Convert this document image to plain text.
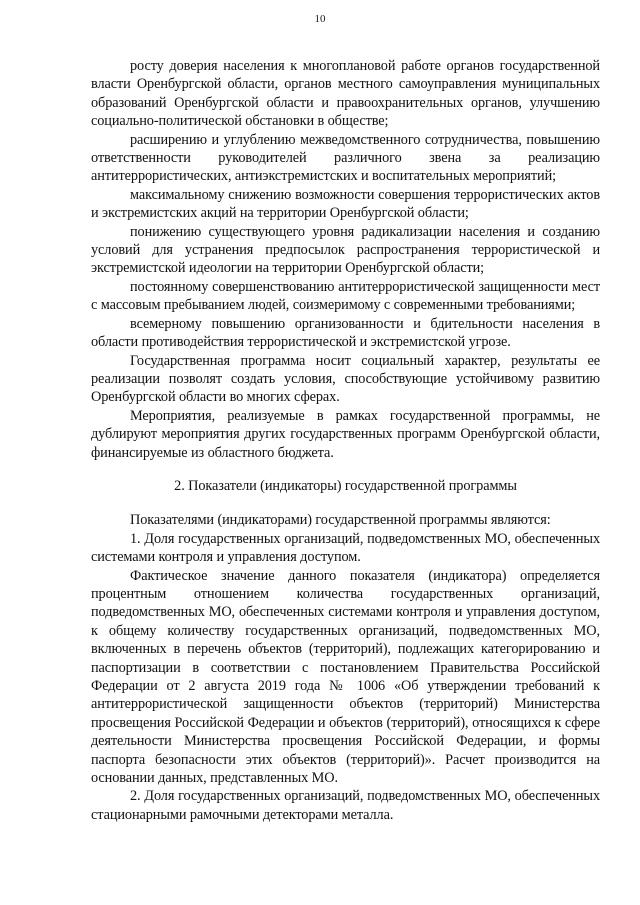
10

росту доверия населения к многоплановой работе органов государственной власти Оренбургской области, органов местного самоуправления муниципальных образований Оренбургской области и правоохранительных органов, улучшению социально-политической обстановки в обществе;

расширению и углублению межведомственного сотрудничества, повышению ответственности руководителей различного звена за реализацию антитеррористических, антиэкстремистских и воспитательных мероприятий;

максимальному снижению возможности совершения террористических актов и экстремистских акций на территории Оренбургской области;

понижению существующего уровня радикализации населения и созданию условий для устранения предпосылок распространения террористической и экстремистской идеологии на территории Оренбургской области;

постоянному совершенствованию антитеррористической защищенности мест с массовым пребыванием людей, соизмеримому с современными требованиями;

всемерному повышению организованности и бдительности населения в области противодействия террористической и экстремистской угрозе.

Государственная программа носит социальный характер, результаты ее реализации позволят создать условия, способствующие устойчивому развитию Оренбургской области во многих сферах.

Мероприятия, реализуемые в рамках государственной программы, не дублируют мероприятия других государственных программ Оренбургской области, финансируемые из областного бюджета.

2. Показатели (индикаторы) государственной программы

Показателями (индикаторами) государственной программы являются:

1. Доля государственных организаций, подведомственных МО, обеспеченных системами контроля и управления доступом.

Фактическое значение данного показателя (индикатора) определяется процентным отношением количества государственных организаций, подведомственных МО, обеспеченных системами контроля и управления доступом, к общему количеству государственных организаций, подведомственных МО, включенных в перечень объектов (территорий), подлежащих категорированию и паспортизации в соответствии с постановлением Правительства Российской Федерации от 2 августа 2019 года № 1006 «Об утверждении требований к антитеррористической защищенности объектов (территорий) Министерства просвещения Российской Федерации и объектов (территорий), относящихся к сфере деятельности Министерства просвещения Российской Федерации, и формы паспорта безопасности этих объектов (территорий)». Расчет производится на основании данных, представленных МО.

2. Доля государственных организаций, подведомственных МО, обеспеченных стационарными рамочными детекторами металла.
